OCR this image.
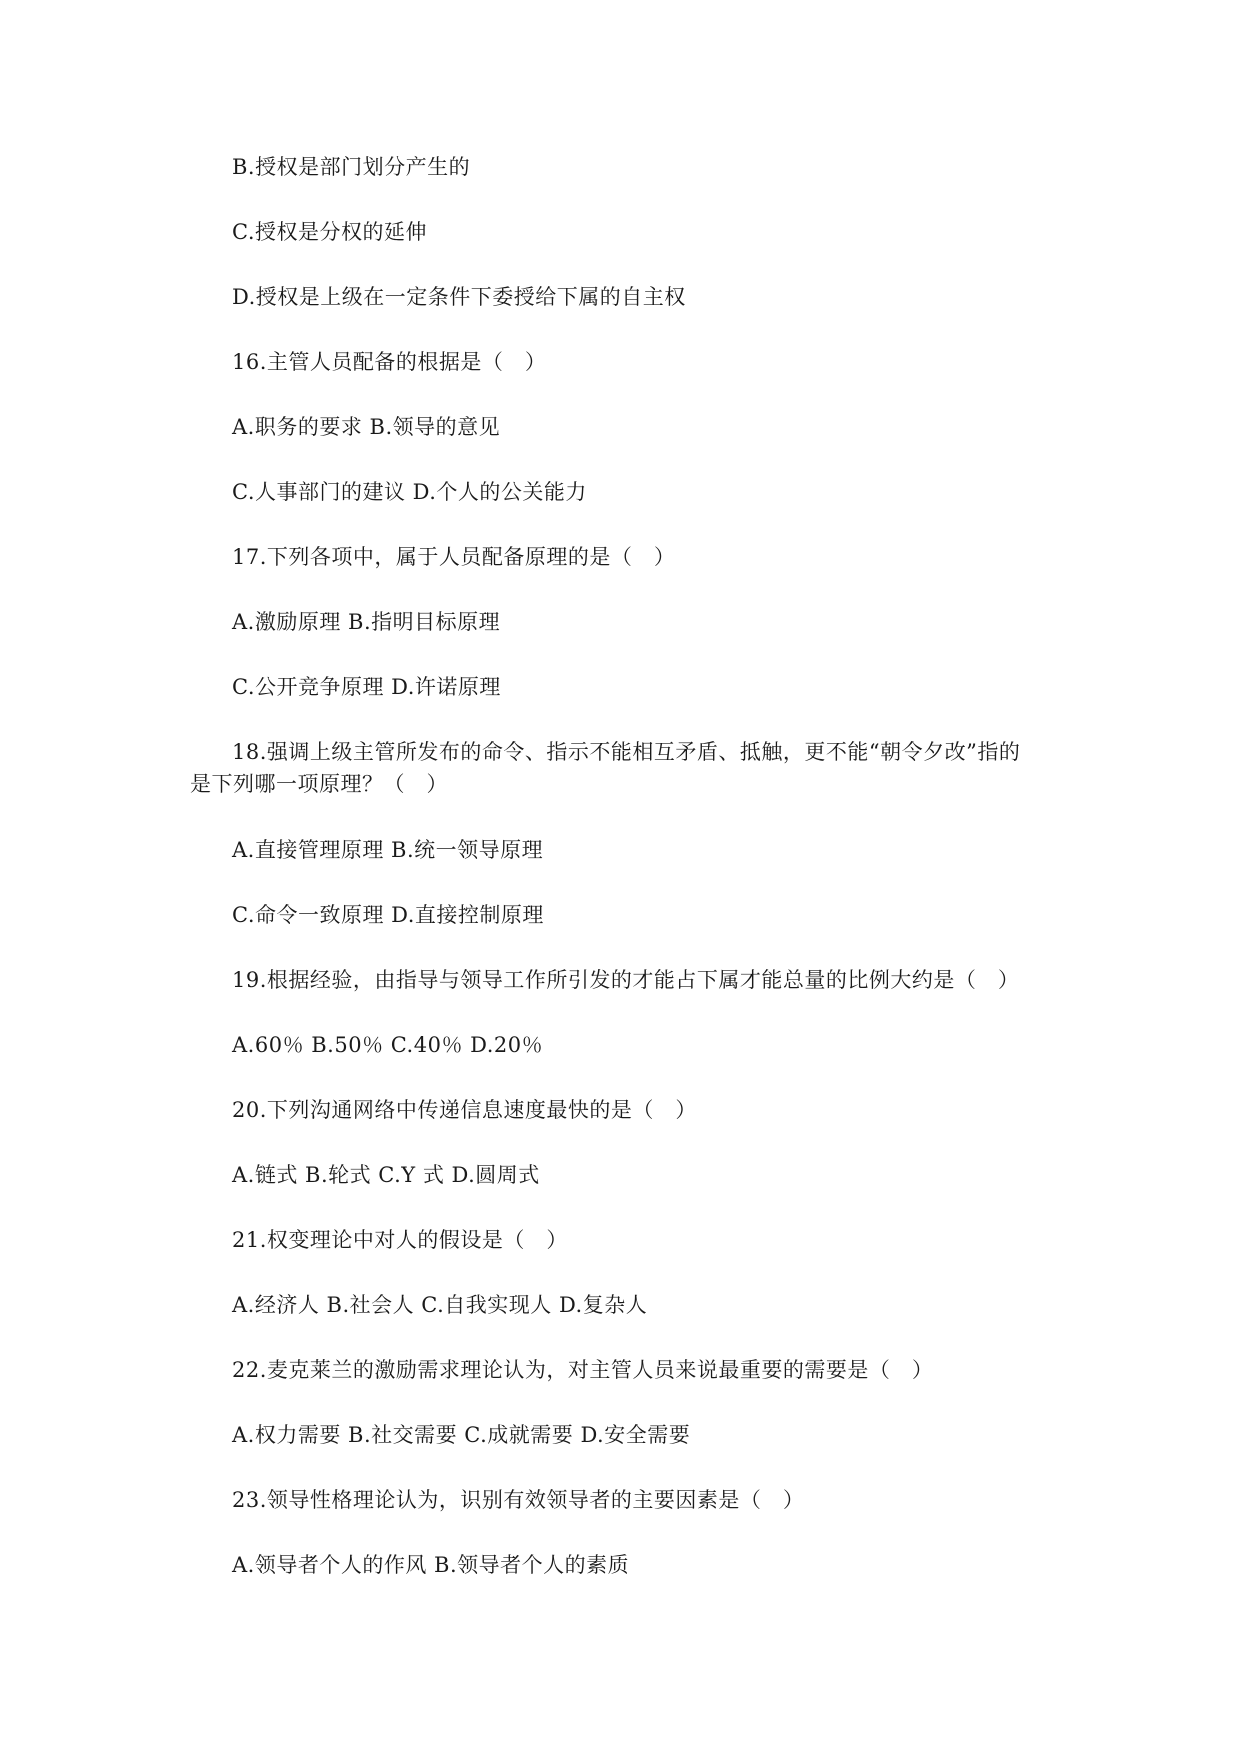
B.授权是部门划分产生的
C.授权是分权的延伸
D.授权是上级在一定条件下委授给下属的自主权
16.主管人员配备的根据是（　）
A.职务的要求 B.领导的意见
C.人事部门的建议 D.个人的公关能力
17.下列各项中，属于人员配备原理的是（　）
A.激励原理 B.指明目标原理
C.公开竞争原理 D.许诺原理
18.强调上级主管所发布的命令、指示不能相互矛盾、抵触，更不能“朝令夕改”指的
是下列哪一项原理？（　）
A.直接管理原理 B.统一领导原理
C.命令一致原理 D.直接控制原理
19.根据经验，由指导与领导工作所引发的才能占下属才能总量的比例大约是（　）
A.60％ B.50％ C.40％ D.20％
20.下列沟通网络中传递信息速度最快的是（　）
A.链式 B.轮式 C.Y 式 D.圆周式
21.权变理论中对人的假设是（　）
A.经济人 B.社会人 C.自我实现人 D.复杂人
22.麦克莱兰的激励需求理论认为，对主管人员来说最重要的需要是（　）
A.权力需要 B.社交需要 C.成就需要 D.安全需要
23.领导性格理论认为，识别有效领导者的主要因素是（　）
A.领导者个人的作风 B.领导者个人的素质
